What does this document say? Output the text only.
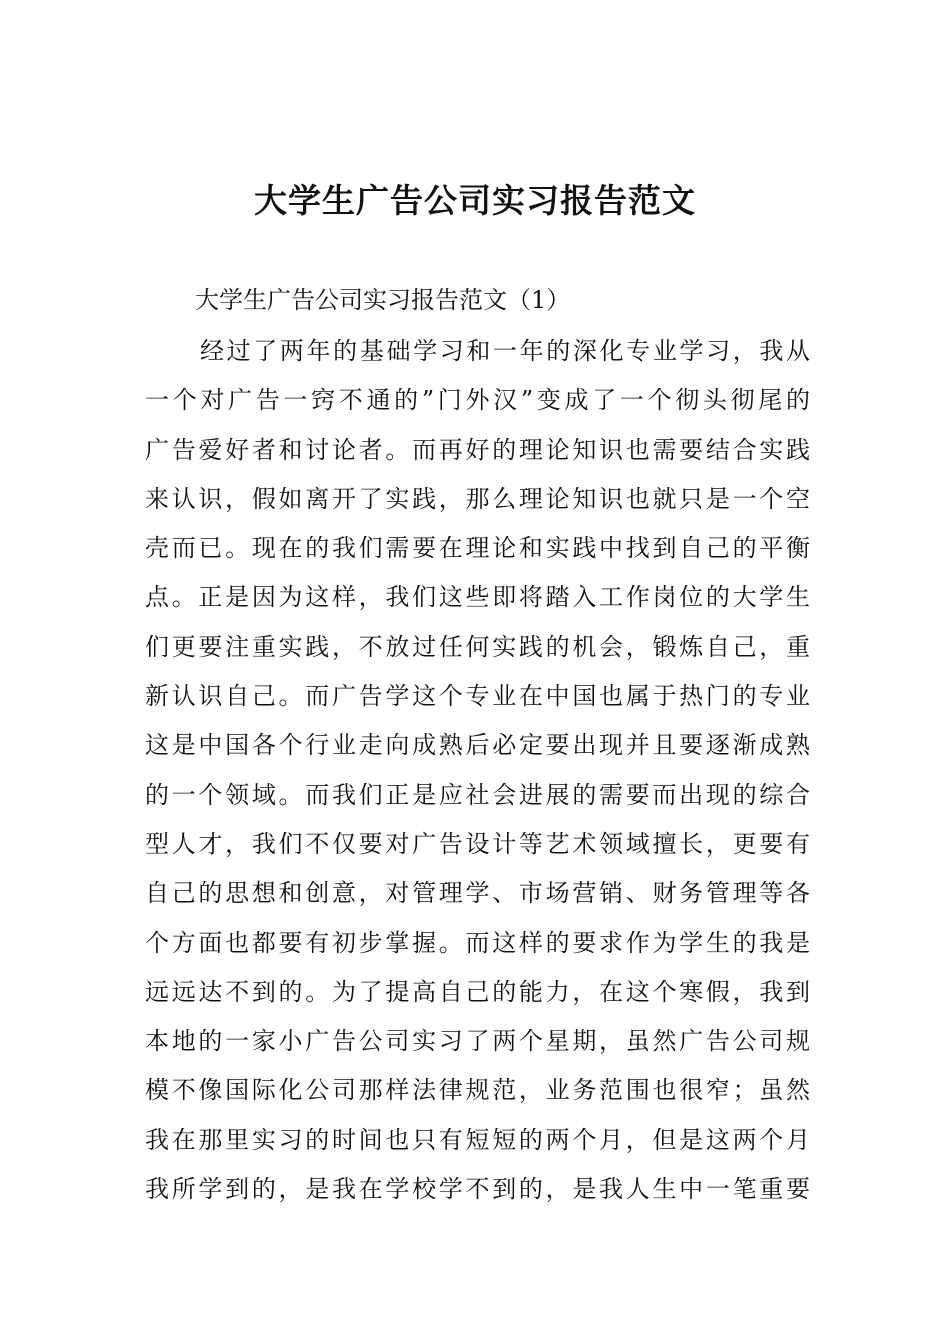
大学生广告公司实习报告范文
大学生广告公司实习报告范文（1）
经过了两年的基础学习和一年的深化专业学习，我从
一个对广告一窍不通的”门外汉”变成了一个彻头彻尾的
广告爱好者和讨论者。而再好的理论知识也需要结合实践
来认识，假如离开了实践，那么理论知识也就只是一个空
壳而已。现在的我们需要在理论和实践中找到自己的平衡
点。正是因为这样，我们这些即将踏入工作岗位的大学生
们更要注重实践，不放过任何实践的机会，锻炼自己，重
新认识自己。而广告学这个专业在中国也属于热门的专业
这是中国各个行业走向成熟后必定要出现并且要逐渐成熟
的一个领域。而我们正是应社会进展的需要而出现的综合
型人才，我们不仅要对广告设计等艺术领域擅长，更要有
自己的思想和创意，对管理学、市场营销、财务管理等各
个方面也都要有初步掌握。而这样的要求作为学生的我是
远远达不到的。为了提高自己的能力，在这个寒假，我到
本地的一家小广告公司实习了两个星期，虽然广告公司规
模不像国际化公司那样法律规范，业务范围也很窄；虽然
我在那里实习的时间也只有短短的两个月，但是这两个月
我所学到的，是我在学校学不到的，是我人生中一笔重要
